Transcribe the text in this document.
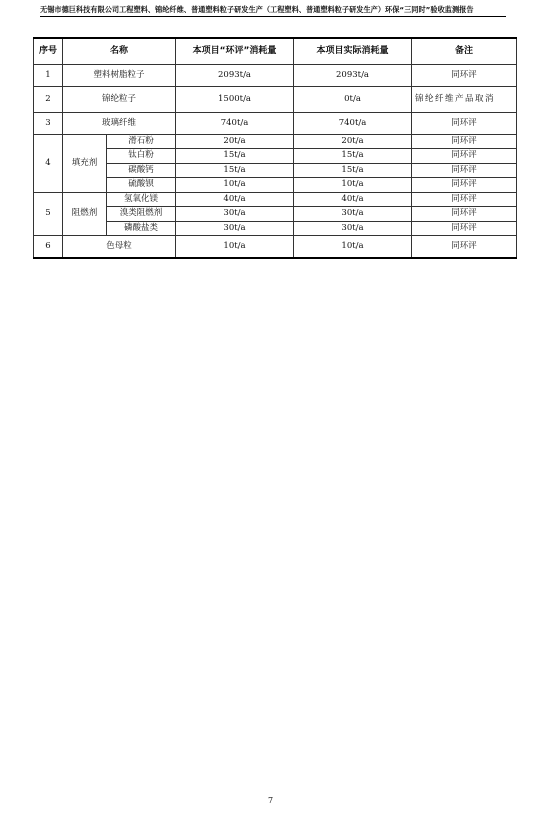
无锡市德巨科技有限公司工程塑料、锦纶纤维、普通塑料粒子研发生产（工程塑料、普通塑料粒子研发生产）环保“三同时”验收监测报告
序号	名称		本项目“环评”消耗量	本项目实际消耗量	备注
1	塑料树脂粒子		2093t/a	2093t/a	同环评
2	锦纶粒子		1500t/a	0t/a	锦纶纤维产品取消
3	玻璃纤维		740t/a	740t/a	同环评
4	填充剂	滑石粉	20t/a	20t/a	同环评
		钛白粉	15t/a	15t/a	同环评
		碳酸钙	15t/a	15t/a	同环评
		硫酸钡	10t/a	10t/a	同环评
5	阻燃剂	氢氧化镁	40t/a	40t/a	同环评
		溴类阻燃剂	30t/a	30t/a	同环评
		磷酸盐类	30t/a	30t/a	同环评
6	色母粒		10t/a	10t/a	同环评
7
